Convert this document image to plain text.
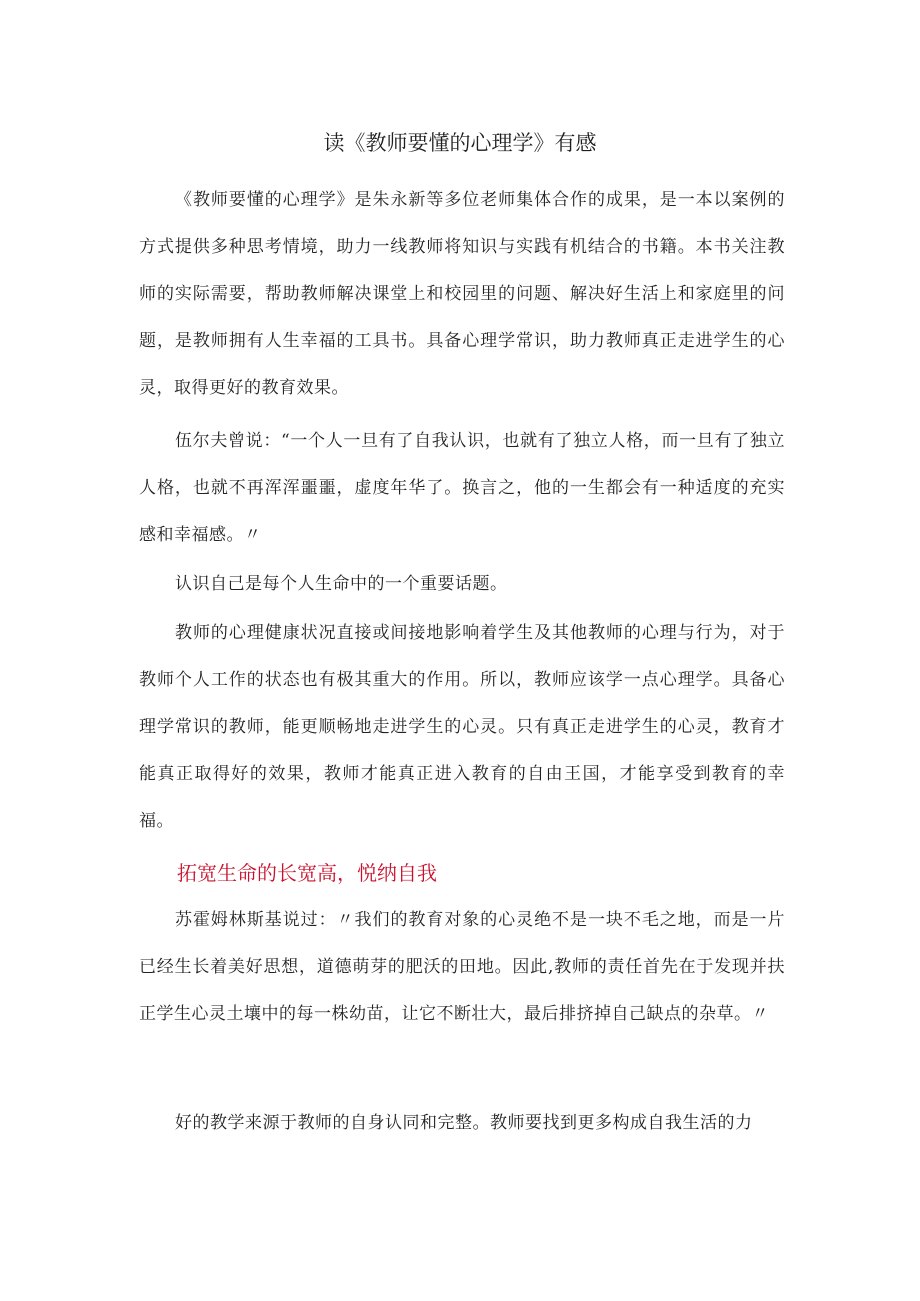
读《教师要懂的心理学》有感

《教师要懂的心理学》是朱永新等多位老师集体合作的成果，是一本以案例的方式提供多种思考情境，助力一线教师将知识与实践有机结合的书籍。本书关注教师的实际需要，帮助教师解决课堂上和校园里的问题、解决好生活上和家庭里的问题，是教师拥有人生幸福的工具书。具备心理学常识，助力教师真正走进学生的心灵，取得更好的教育效果。

伍尔夫曾说：“一个人一旦有了自我认识，也就有了独立人格，而一旦有了独立人格，也就不再浑浑噩噩，虚度年华了。换言之，他的一生都会有一种适度的充实感和幸福感。〃

认识自己是每个人生命中的一个重要话题。

教师的心理健康状况直接或间接地影响着学生及其他教师的心理与行为，对于教师个人工作的状态也有极其重大的作用。所以，教师应该学一点心理学。具备心理学常识的教师，能更顺畅地走进学生的心灵。只有真正走进学生的心灵，教育才能真正取得好的效果，教师才能真正进入教育的自由王国，才能享受到教育的幸福。

拓宽生命的长宽高，悦纳自我

苏霍姆林斯基说过：〃我们的教育对象的心灵绝不是一块不毛之地，而是一片已经生长着美好思想，道德萌芽的肥沃的田地。因此,教师的责任首先在于发现并扶正学生心灵土壤中的每一株幼苗，让它不断壮大，最后排挤掉自己缺点的杂草。〃

好的教学来源于教师的自身认同和完整。教师要找到更多构成自我生活的力
